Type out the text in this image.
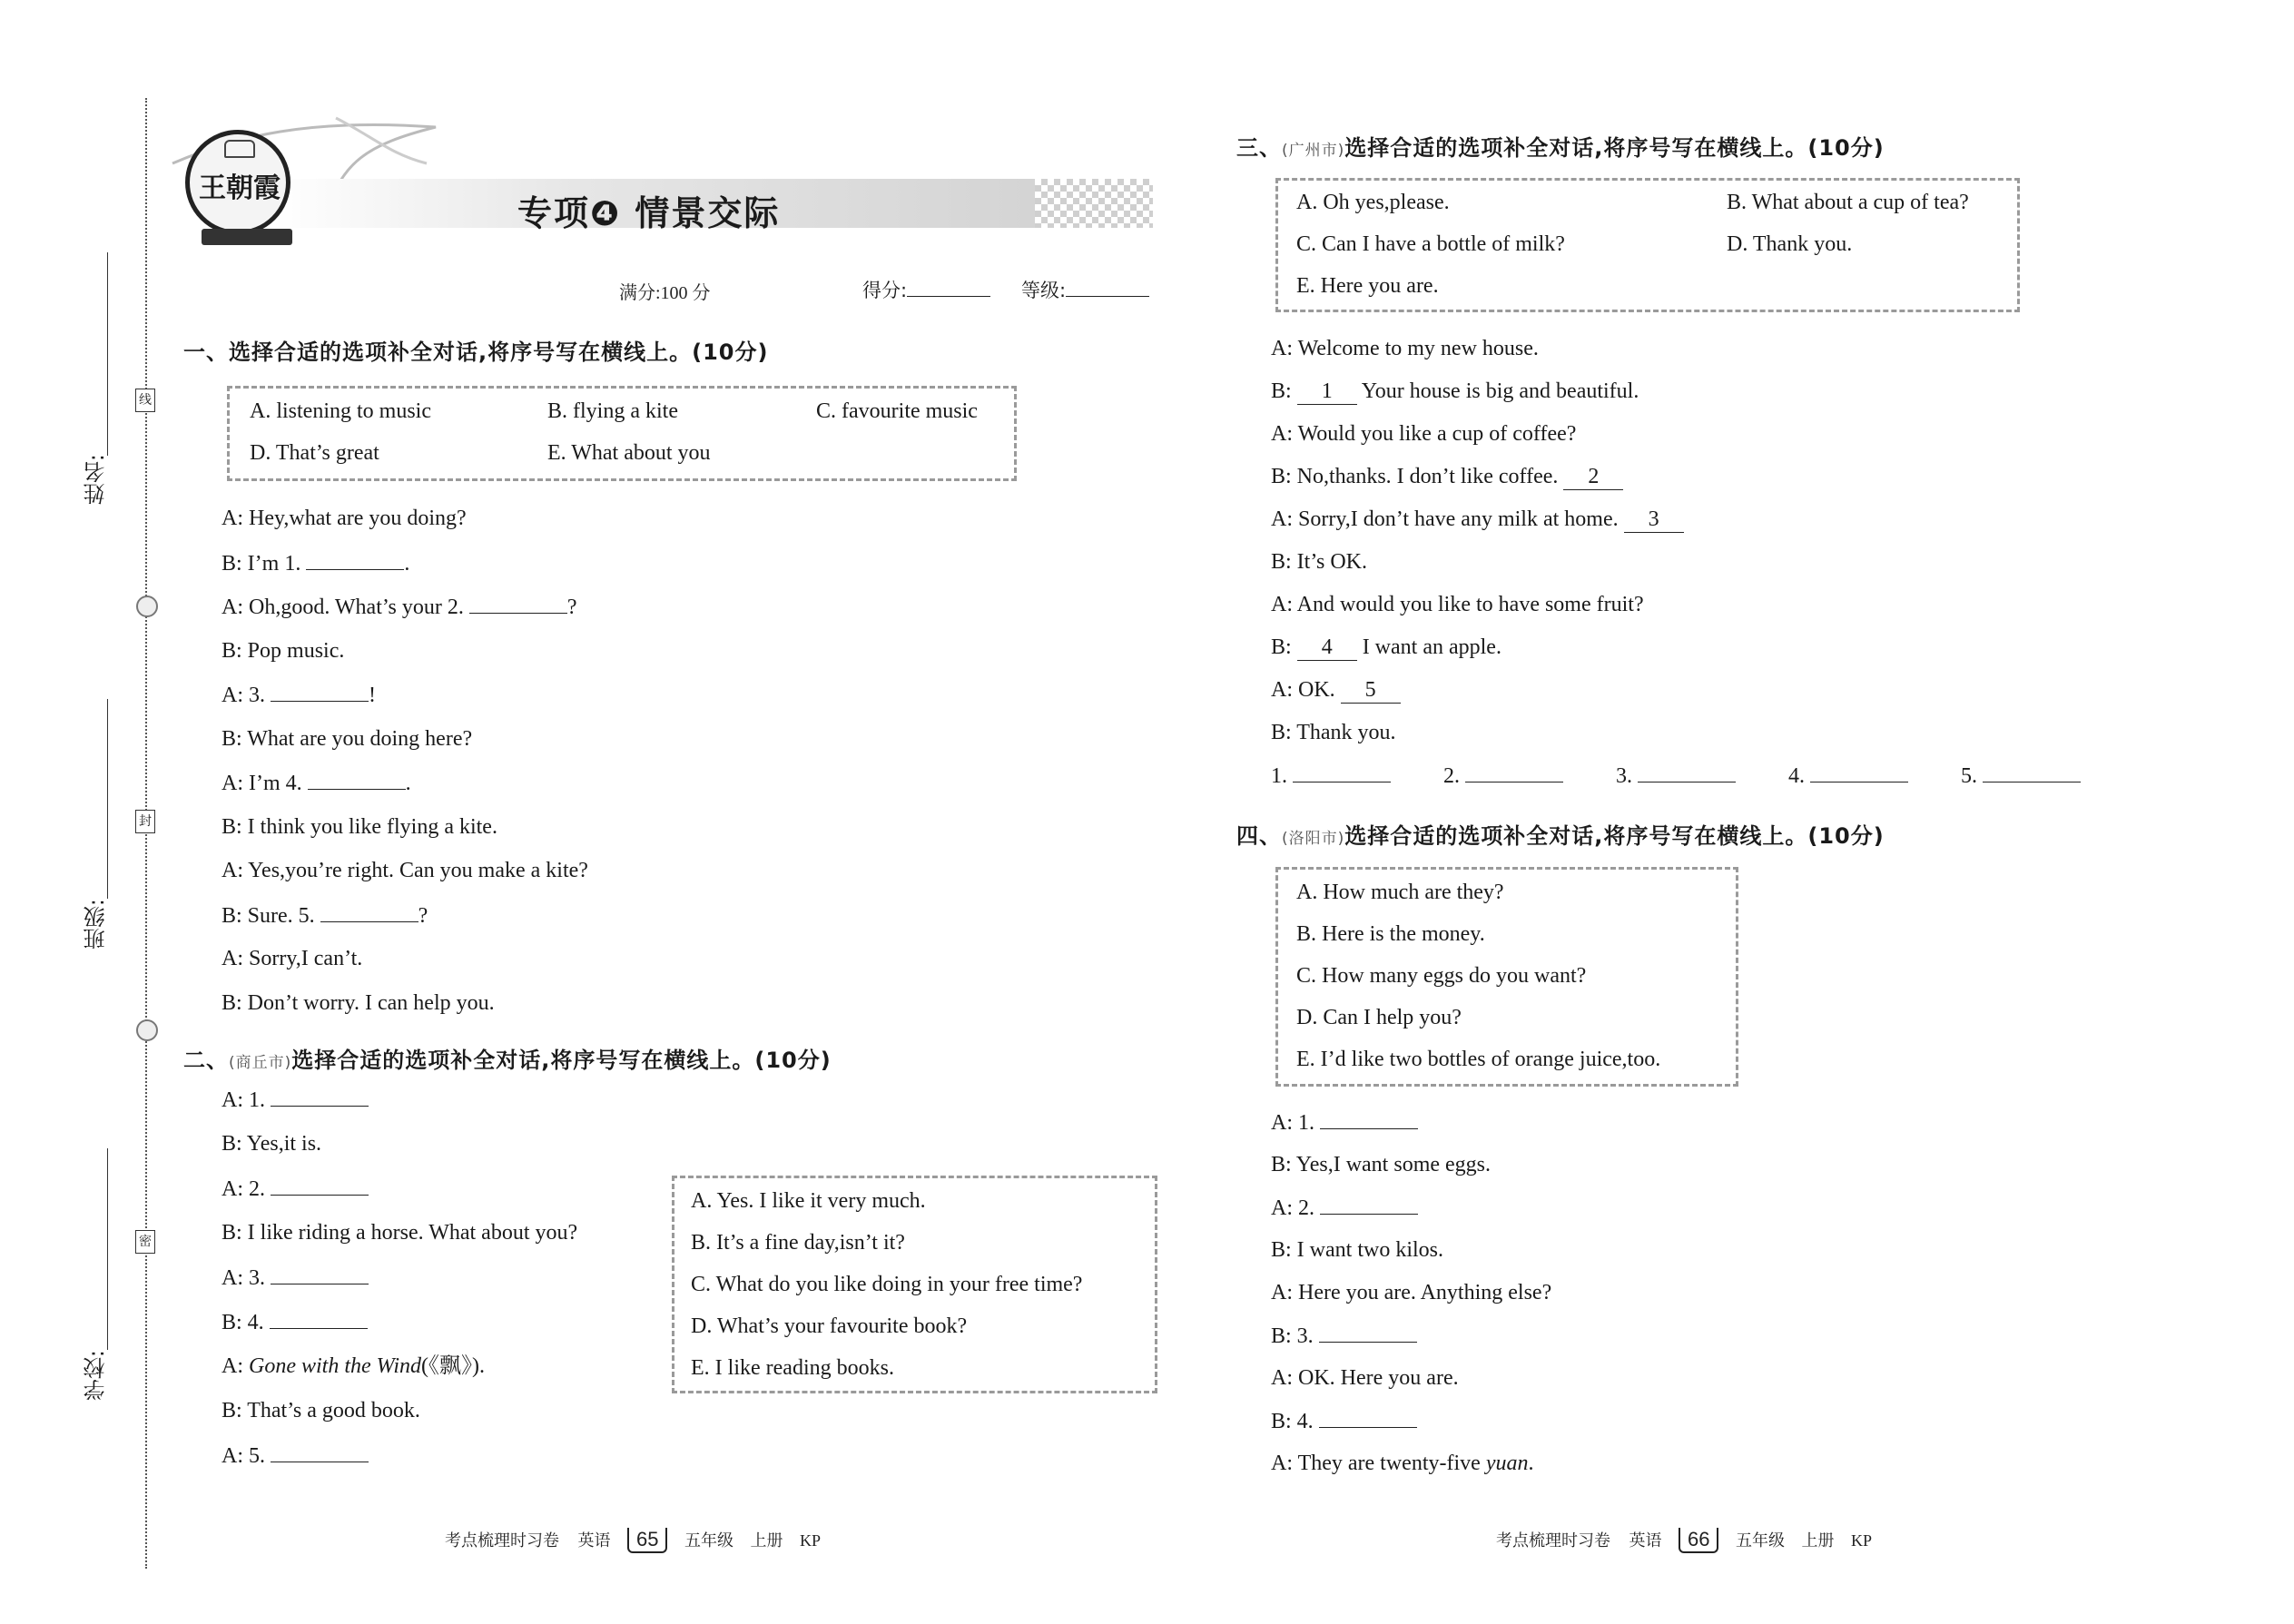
线
封
密
姓名:
班级:
学校:
王朝霞
专项❹ 情景交际
满分:100 分	得分:	等级:
一、选择合适的选项补全对话,将序号写在横线上。(10分)
A. listening to music	B. flying a kite	C. favourite music
D. That’s great	E. What about you
A: Hey,what are you doing?
B: I’m 1.	.
A: Oh,good. What’s your 2.	?
B: Pop music.
A: 3.	!
B: What are you doing here?
A: I’m 4.	.
B: I think you like flying a kite.
A: Yes,you’re right. Can you make a kite?
B: Sure. 5.	?
A: Sorry,I can’t.
B: Don’t worry. I can help you.
二、(商丘市)选择合适的选项补全对话,将序号写在横线上。(10分)
A: 1.
B: Yes,it is.
A: 2.
B: I like riding a horse. What about you?
A: 3.
B: 4.
A: Gone with the Wind(《飘》).
B: That’s a good book.
A: 5.
A. Yes. I like it very much.
B. It’s a fine day,isn’t it?
C. What do you like doing in your free time?
D. What’s your favourite book?
E. I like reading books.
三、(广州市)选择合适的选项补全对话,将序号写在横线上。(10分)
A. Oh yes,please.	B. What about a cup of tea?
C. Can I have a bottle of milk?	D. Thank you.
E. Here you are.
A: Welcome to my new house.
B: 1 Your house is big and beautiful.
A: Would you like a cup of coffee?
B: No,thanks. I don’t like coffee. 2
A: Sorry,I don’t have any milk at home. 3
B: It’s OK.
A: And would you like to have some fruit?
B: 4 I want an apple.
A: OK. 5
B: Thank you.
1.	2.	3.	4.	5.
四、(洛阳市)选择合适的选项补全对话,将序号写在横线上。(10分)
A. How much are they?
B. Here is the money.
C. How many eggs do you want?
D. Can I help you?
E. I’d like two bottles of orange juice,too.
A: 1.
B: Yes,I want some eggs.
A: 2.
B: I want two kilos.
A: Here you are. Anything else?
B: 3.
A: OK. Here you are.
B: 4.
A: They are twenty-five yuan.
考点梳理时习卷 英语 65 五年级 上册 KP	考点梳理时习卷 英语 66 五年级 上册 KP
